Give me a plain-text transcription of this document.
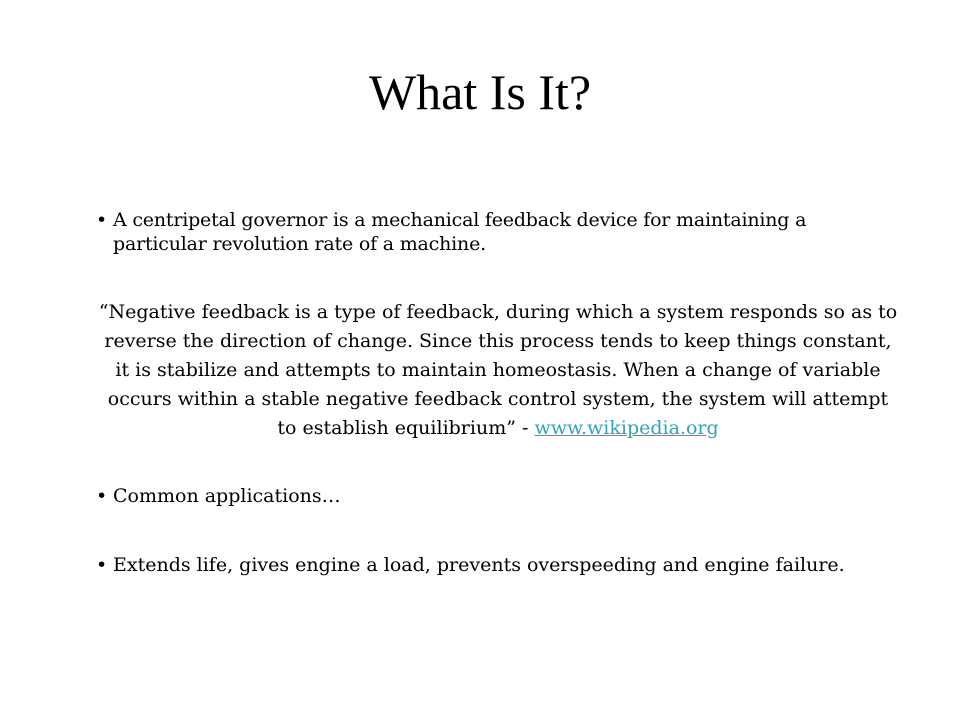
What Is It?
• A centripetal governor is a mechanical feedback device for maintaining a particular revolution rate of a machine.
“Negative feedback is a type of feedback, during which a system responds so as to reverse the direction of change. Since this process tends to keep things constant, it is stabilize and attempts to maintain homeostasis. When a change of variable occurs within a stable negative feedback control system, the system will attempt to establish equilibrium” - www.wikipedia.org
• Common applications…
• Extends life, gives engine a load, prevents overspeeding and engine failure.
